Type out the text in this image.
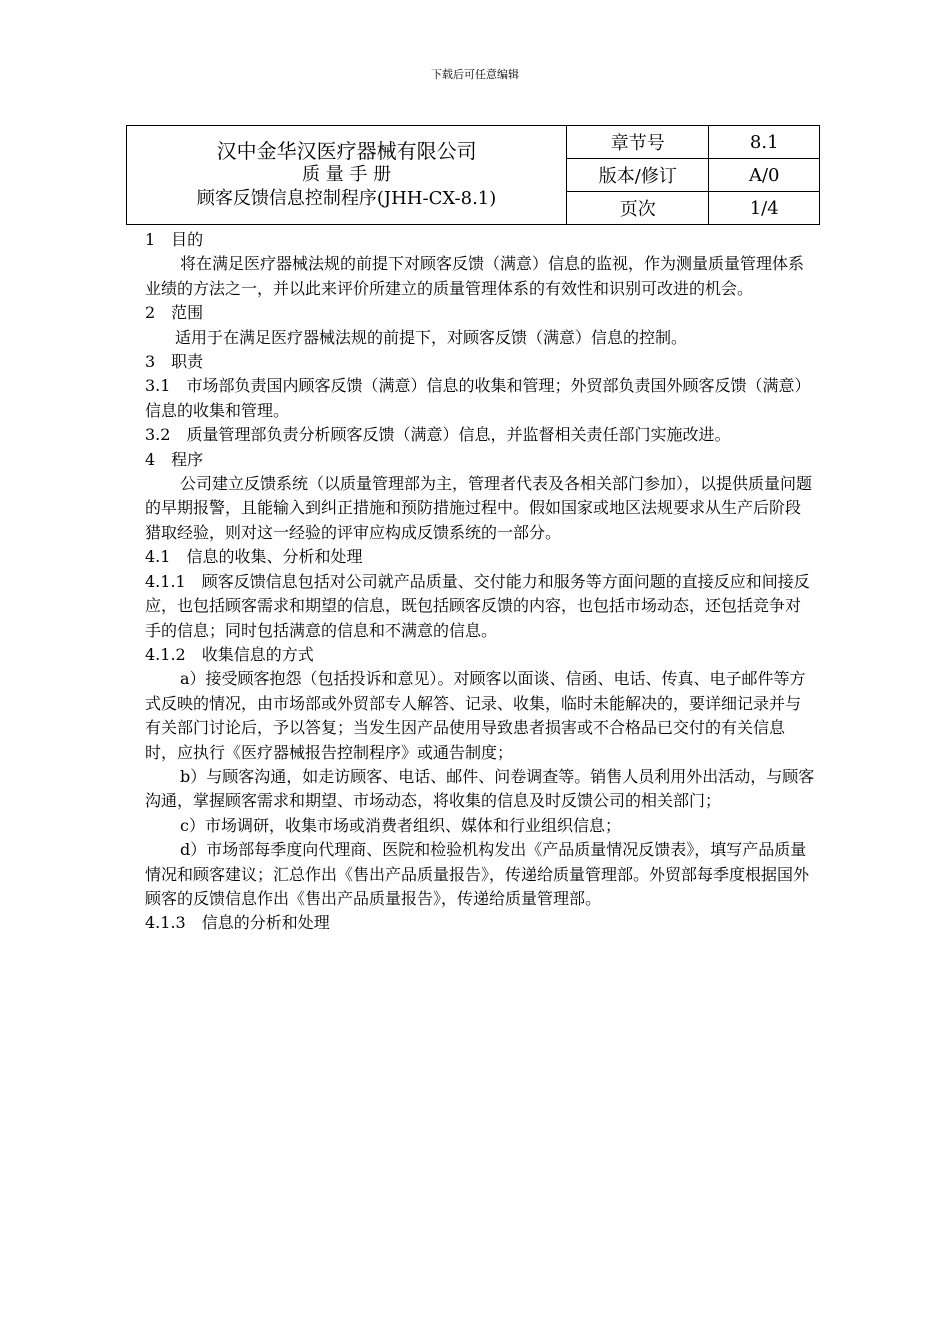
下载后可任意编辑
汉中金华汉医疗器械有限公司
质 量 手 册
顾客反馈信息控制程序(JHH-CX-8.1)	章节号	8.1
	版本/修订	A/0
	页次	1/4

1　目的

将在满足医疗器械法规的前提下对顾客反馈（满意）信息的监视，作为测量质量管理体系业绩的方法之一，并以此来评价所建立的质量管理体系的有效性和识别可改进的机会。

2　范围

适用于在满足医疗器械法规的前提下，对顾客反馈（满意）信息的控制。

3　职责

3.1　市场部负责国内顾客反馈（满意）信息的收集和管理；外贸部负责国外顾客反馈（满意）信息的收集和管理。

3.2　质量管理部负责分析顾客反馈（满意）信息，并监督相关责任部门实施改进。

4　程序

公司建立反馈系统（以质量管理部为主，管理者代表及各相关部门参加），以提供质量问题的早期报警，且能输入到纠正措施和预防措施过程中。假如国家或地区法规要求从生产后阶段猎取经验，则对这一经验的评审应构成反馈系统的一部分。

4.1　信息的收集、分析和处理

4.1.1　顾客反馈信息包括对公司就产品质量、交付能力和服务等方面问题的直接反应和间接反应，也包括顾客需求和期望的信息，既包括顾客反馈的内容，也包括市场动态，还包括竞争对手的信息；同时包括满意的信息和不满意的信息。

4.1.2　收集信息的方式

a）接受顾客抱怨（包括投诉和意见）。对顾客以面谈、信函、电话、传真、电子邮件等方式反映的情况，由市场部或外贸部专人解答、记录、收集，临时未能解决的，要详细记录并与有关部门讨论后，予以答复；当发生因产品使用导致患者损害或不合格品已交付的有关信息时，应执行《医疗器械报告控制程序》或通告制度；

b）与顾客沟通，如走访顾客、电话、邮件、问卷调查等。销售人员利用外出活动，与顾客沟通，掌握顾客需求和期望、市场动态，将收集的信息及时反馈公司的相关部门；

c）市场调研，收集市场或消费者组织、媒体和行业组织信息；

d）市场部每季度向代理商、医院和检验机构发出《产品质量情况反馈表》，填写产品质量情况和顾客建议；汇总作出《售出产品质量报告》，传递给质量管理部。外贸部每季度根据国外顾客的反馈信息作出《售出产品质量报告》，传递给质量管理部。

4.1.3　信息的分析和处理
